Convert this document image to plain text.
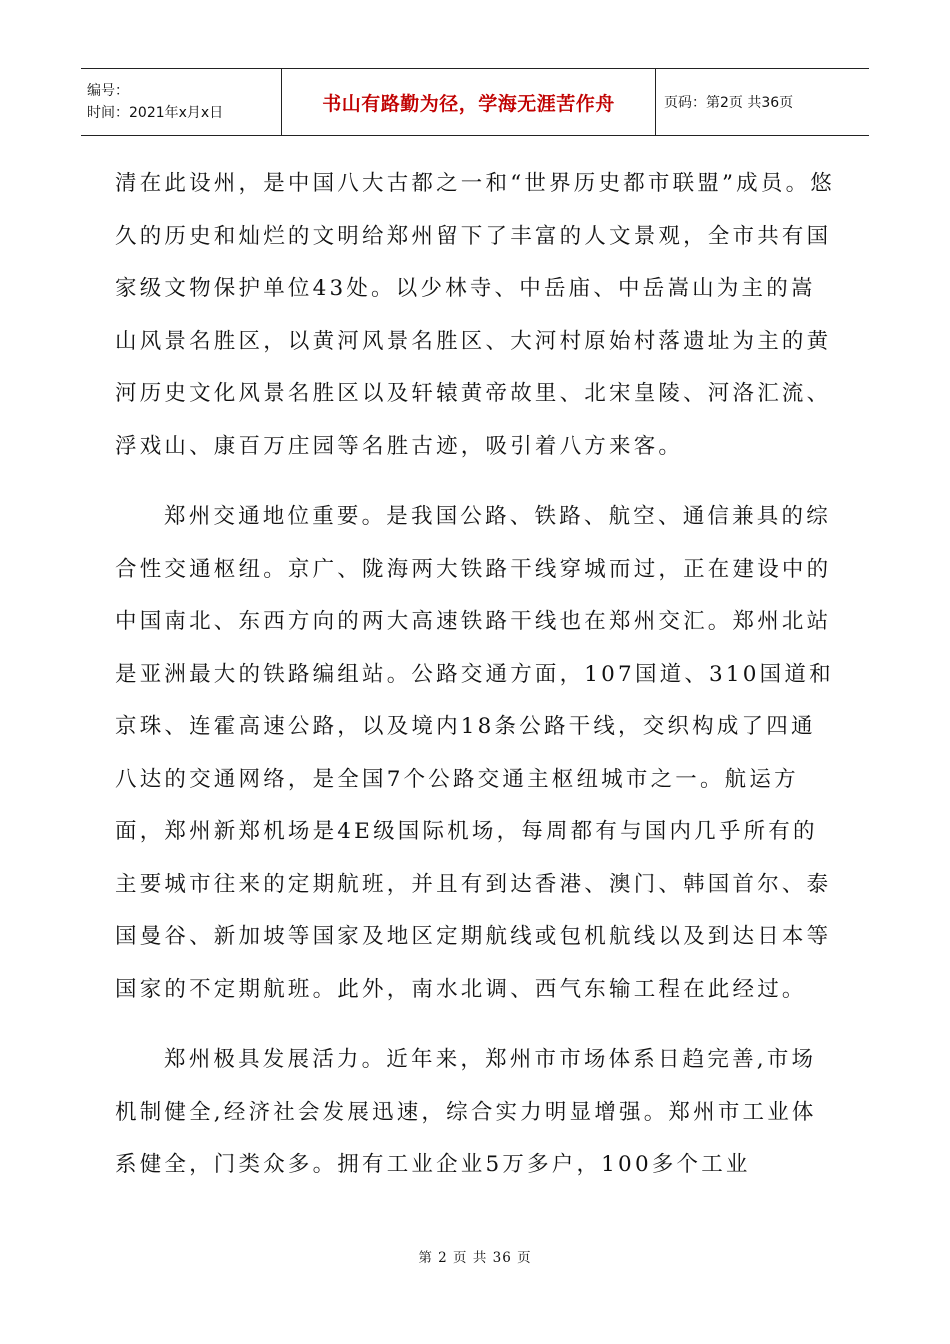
编号：
时间：2021年x月x日	书山有路勤为径，学海无涯苦作舟	页码：第2页 共36页

清在此设州，是中国八大古都之一和“世界历史都市联盟”成员。悠久的历史和灿烂的文明给郑州留下了丰富的人文景观，全市共有国家级文物保护单位43处。以少林寺、中岳庙、中岳嵩山为主的嵩山风景名胜区，以黄河风景名胜区、大河村原始村落遗址为主的黄河历史文化风景名胜区以及轩辕黄帝故里、北宋皇陵、河洛汇流、浮戏山、康百万庄园等名胜古迹，吸引着八方来客。

郑州交通地位重要。是我国公路、铁路、航空、通信兼具的综合性交通枢纽。京广、陇海两大铁路干线穿城而过，正在建设中的中国南北、东西方向的两大高速铁路干线也在郑州交汇。郑州北站是亚洲最大的铁路编组站。公路交通方面，107国道、310国道和京珠、连霍高速公路，以及境内18条公路干线，交织构成了四通八达的交通网络，是全国7个公路交通主枢纽城市之一。航运方面，郑州新郑机场是4E级国际机场，每周都有与国内几乎所有的主要城市往来的定期航班，并且有到达香港、澳门、韩国首尔、泰国曼谷、新加坡等国家及地区定期航线或包机航线以及到达日本等国家的不定期航班。此外，南水北调、西气东输工程在此经过。

郑州极具发展活力。近年来，郑州市市场体系日趋完善,市场机制健全,经济社会发展迅速，综合实力明显增强。郑州市工业体系健全，门类众多。拥有工业企业5万多户，100多个工业

第 2 页 共 36 页
